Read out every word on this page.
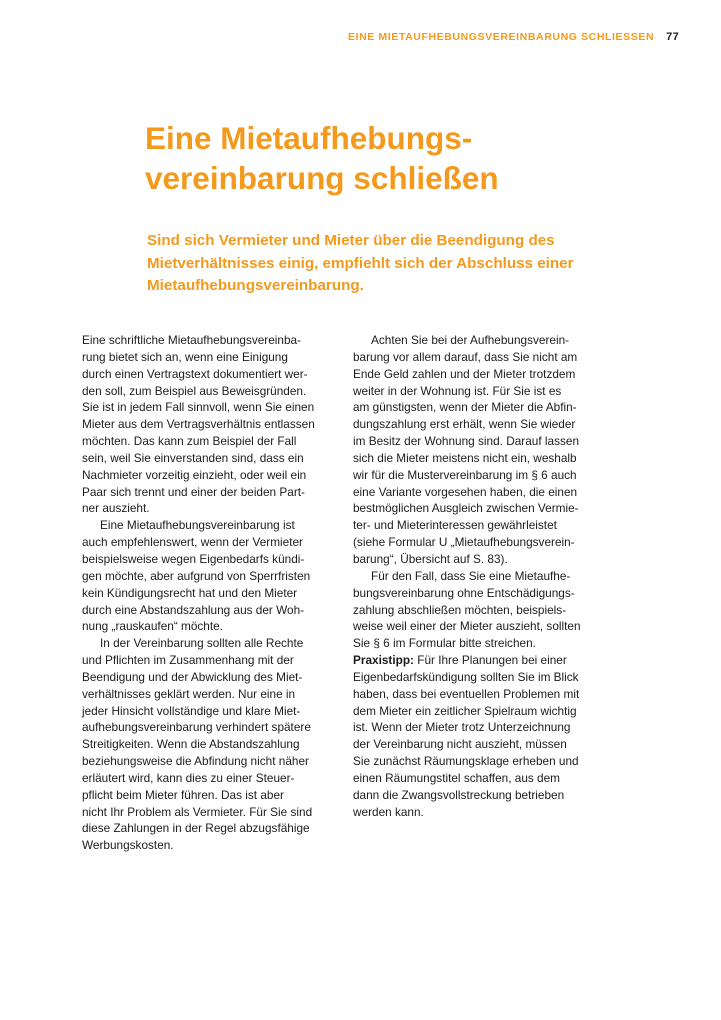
EINE MIETAUFHEBUNGSVEREINBARUNG SCHLIESSEN 77
Eine Mietaufhebungs-
vereinbarung schließen

Sind sich Vermieter und Mieter über die Beendigung des
Mietverhältnisses einig, empfiehlt sich der Abschluss einer
Mietaufhebungsvereinbarung.

Eine schriftliche Mietaufhebungsvereinba-
rung bietet sich an, wenn eine Einigung
durch einen Vertragstext dokumentiert wer-
den soll, zum Beispiel aus Beweisgründen.
Sie ist in jedem Fall sinnvoll, wenn Sie einen
Mieter aus dem Vertragsverhältnis entlassen
möchten. Das kann zum Beispiel der Fall
sein, weil Sie einverstanden sind, dass ein
Nachmieter vorzeitig einzieht, oder weil ein
Paar sich trennt und einer der beiden Part-
ner auszieht.
Eine Mietaufhebungsvereinbarung ist
auch empfehlenswert, wenn der Vermieter
beispielsweise wegen Eigenbedarfs kündi-
gen möchte, aber aufgrund von Sperrfristen
kein Kündigungsrecht hat und den Mieter
durch eine Abstandszahlung aus der Woh-
nung „rauskaufen“ möchte.
In der Vereinbarung sollten alle Rechte
und Pflichten im Zusammenhang mit der
Beendigung und der Abwicklung des Miet-
verhältnisses geklärt werden. Nur eine in
jeder Hinsicht vollständige und klare Miet-
aufhebungsvereinbarung verhindert spätere
Streitigkeiten. Wenn die Abstandszahlung
beziehungsweise die Abfindung nicht näher
erläutert wird, kann dies zu einer Steuer-
pflicht beim Mieter führen. Das ist aber
nicht Ihr Problem als Vermieter. Für Sie sind
diese Zahlungen in der Regel abzugsfähige
Werbungskosten.
Achten Sie bei der Aufhebungsverein-
barung vor allem darauf, dass Sie nicht am
Ende Geld zahlen und der Mieter trotzdem
weiter in der Wohnung ist. Für Sie ist es
am günstigsten, wenn der Mieter die Abfin-
dungszahlung erst erhält, wenn Sie wieder
im Besitz der Wohnung sind. Darauf lassen
sich die Mieter meistens nicht ein, weshalb
wir für die Mustervereinbarung im § 6 auch
eine Variante vorgesehen haben, die einen
bestmöglichen Ausgleich zwischen Vermie-
ter- und Mieterinteressen gewährleistet
(siehe Formular U „Mietaufhebungsverein-
barung“, Übersicht auf S. 83).
Für den Fall, dass Sie eine Mietaufhe-
bungsvereinbarung ohne Entschädigungs-
zahlung abschließen möchten, beispiels-
weise weil einer der Mieter auszieht, sollten
Sie § 6 im Formular bitte streichen.
Praxistipp: Für Ihre Planungen bei einer
Eigenbedarfskündigung sollten Sie im Blick
haben, dass bei eventuellen Problemen mit
dem Mieter ein zeitlicher Spielraum wichtig
ist. Wenn der Mieter trotz Unterzeichnung
der Vereinbarung nicht auszieht, müssen
Sie zunächst Räumungsklage erheben und
einen Räumungstitel schaffen, aus dem
dann die Zwangsvollstreckung betrieben
werden kann.
